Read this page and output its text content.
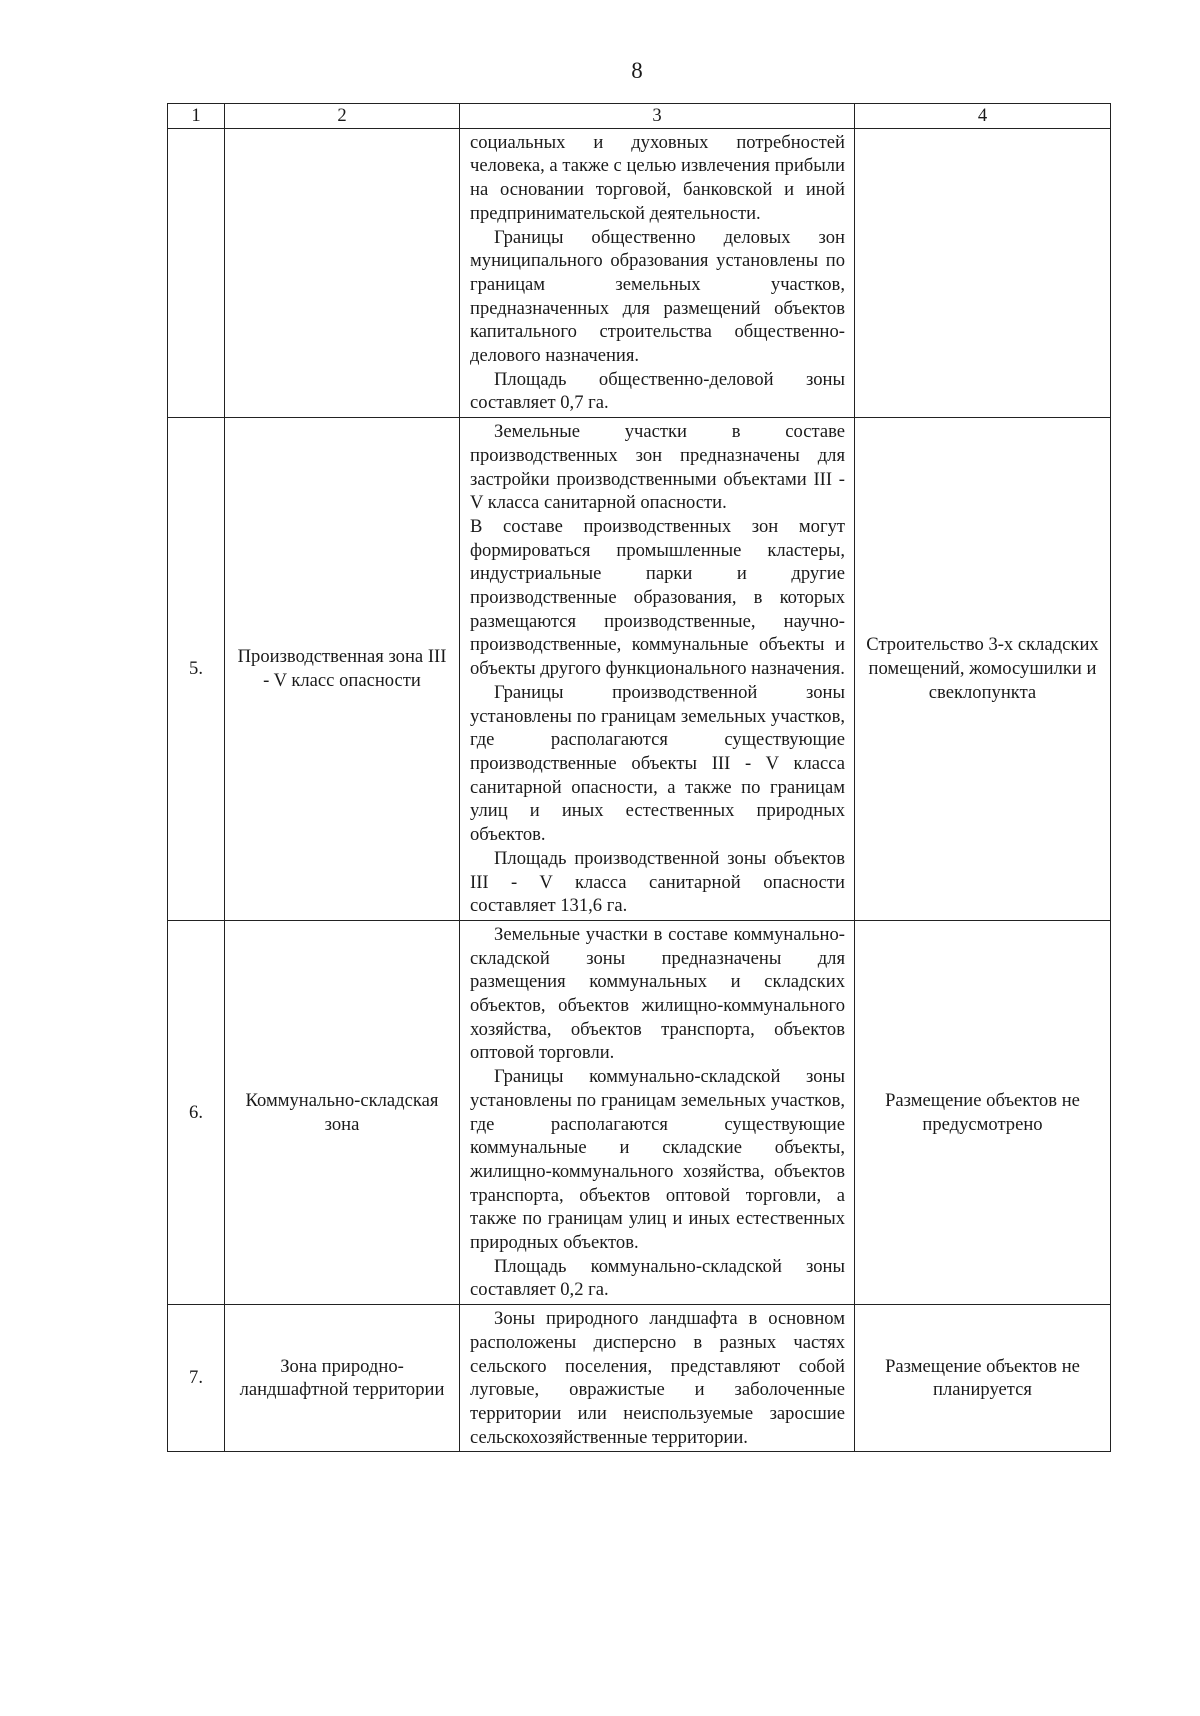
8
1	2	3	4

		социальных и духовных потребностей человека, а также с целью извлечения прибыли на основании торговой, банковской и иной предпринимательской деятельности.

Границы общественно деловых зон муниципального образования установлены по границам земельных участков, предназначенных для размещений объектов капитального строительства общественно-делового назначения.

Площадь общественно-деловой зоны составляет 0,7 га.	

5.	Производственная зона III - V класс опасности	Земельные участки в составе производственных зон предназначены для застройки производственными объектами III - V класса санитарной опасности.

В составе производственных зон могут формироваться промышленные кластеры, индустриальные парки и другие производственные образования, в которых размещаются производственные, научно-производственные, коммунальные объекты и объекты другого функционального назначения.

Границы производственной зоны установлены по границам земельных участков, где располагаются существующие производственные объекты III - V класса санитарной опасности, а также по границам улиц и иных естественных природных объектов.

Площадь производственной зоны объектов III - V класса санитарной опасности составляет 131,6 га.	Строительство 3-х складских помещений, жомосушилки и свеклопункта
6.	Коммунально-складская зона	Земельные участки в составе коммунально-складской зоны предназначены для размещения коммунальных и складских объектов, объектов жилищно-коммунального хозяйства, объектов транспорта, объектов оптовой торговли.

Границы коммунально-складской зоны установлены по границам земельных участков, где располагаются существующие коммунальные и складские объекты, жилищно-коммунального хозяйства, объектов транспорта, объектов оптовой торговли, а также по границам улиц и иных естественных природных объектов.

Площадь коммунально-складской зоны составляет 0,2 га.	Размещение объектов не предусмотрено
7.	Зона природно-ландшафтной территории	Зоны природного ландшафта в основном расположены дисперсно в разных частях сельского поселения, представляют собой луговые, овражистые и заболоченные территории или неиспользуемые заросшие сельскохозяйственные территории.	Размещение объектов не планируется
